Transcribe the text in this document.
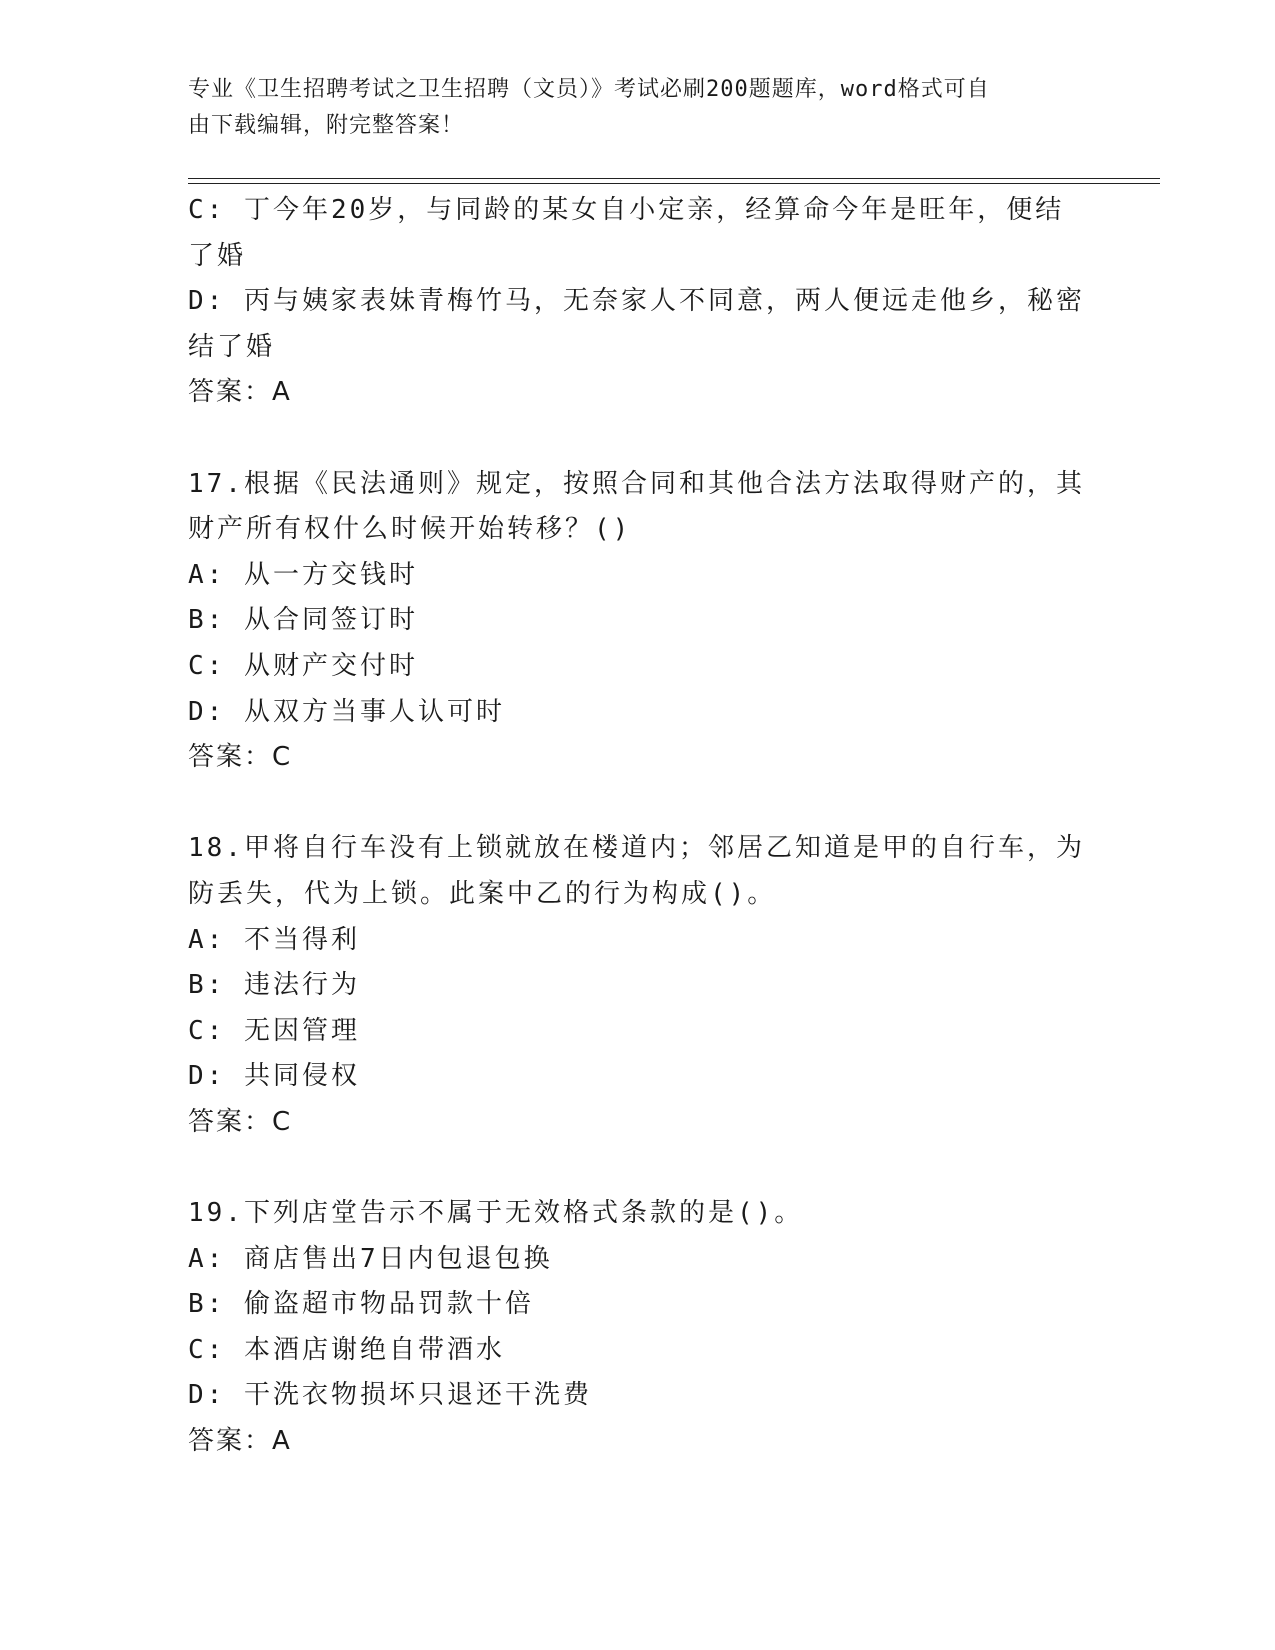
专业《卫生招聘考试之卫生招聘（文员）》考试必刷200题题库，word格式可自
由下载编辑，附完整答案！
C: 丁今年20岁，与同龄的某女自小定亲，经算命今年是旺年，便结
了婚
D: 丙与姨家表妹青梅竹马，无奈家人不同意，两人便远走他乡，秘密
结了婚
答案：A
17.根据《民法通则》规定，按照合同和其他合法方法取得财产的，其
财产所有权什么时候开始转移？()
A: 从一方交钱时
B: 从合同签订时
C: 从财产交付时
D: 从双方当事人认可时
答案：C
18.甲将自行车没有上锁就放在楼道内；邻居乙知道是甲的自行车，为
防丢失，代为上锁。此案中乙的行为构成()。
A: 不当得利
B: 违法行为
C: 无因管理
D: 共同侵权
答案：C
19.下列店堂告示不属于无效格式条款的是()。
A: 商店售出7日内包退包换
B: 偷盗超市物品罚款十倍
C: 本酒店谢绝自带酒水
D: 干洗衣物损坏只退还干洗费
答案：A
